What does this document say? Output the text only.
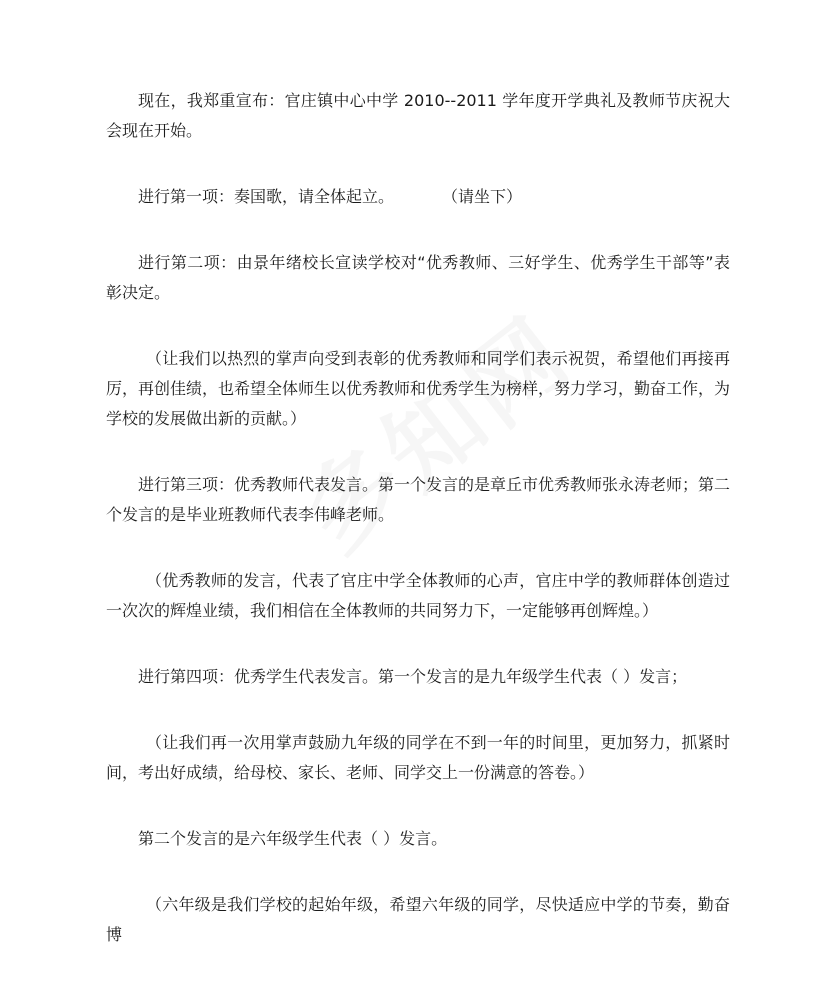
现在，我郑重宣布：官庄镇中心中学 2010--2011 学年度开学典礼及教师节庆祝大会现在开始。

进行第一项：奏国歌，请全体起立。	（请坐下）

进行第二项：由景年绪校长宣读学校对“优秀教师、三好学生、优秀学生干部等”表彰决定。

（让我们以热烈的掌声向受到表彰的优秀教师和同学们表示祝贺，希望他们再接再厉，再创佳绩，也希望全体师生以优秀教师和优秀学生为榜样，努力学习，勤奋工作，为学校的发展做出新的贡献。）

进行第三项：优秀教师代表发言。第一个发言的是章丘市优秀教师张永涛老师；第二个发言的是毕业班教师代表李伟峰老师。

（优秀教师的发言，代表了官庄中学全体教师的心声，官庄中学的教师群体创造过一次次的辉煌业绩，我们相信在全体教师的共同努力下，一定能够再创辉煌。）

进行第四项：优秀学生代表发言。第一个发言的是九年级学生代表（ ）发言；

（让我们再一次用掌声鼓励九年级的同学在不到一年的时间里，更加努力，抓紧时间，考出好成绩，给母校、家长、老师、同学交上一份满意的答卷。）

第二个发言的是六年级学生代表（ ）发言。

（六年级是我们学校的起始年级，希望六年级的同学，尽快适应中学的节奏，勤奋博
